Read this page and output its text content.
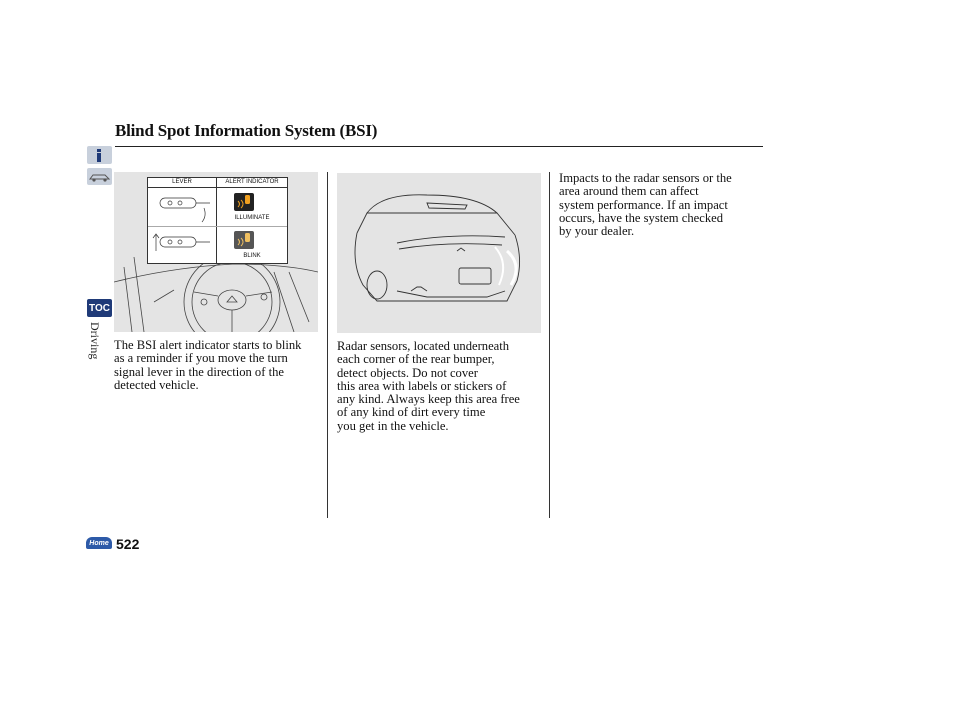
Blind Spot Information System (BSI)
TOC
Driving
LEVER	ALERT INDICATOR
ILLUMINATE
BLINK
The BSI alert indicator starts to blink
as a reminder if you move the turn
signal lever in the direction of the
detected vehicle.
Radar sensors, located underneath
each corner of the rear bumper,
detect objects. Do not cover
this area with labels or stickers of
any kind. Always keep this area free
of any kind of dirt every time
you get in the vehicle.
Impacts to the radar sensors or the
area around them can affect
system performance. If an impact
occurs, have the system checked
by your dealer.
Home 522
